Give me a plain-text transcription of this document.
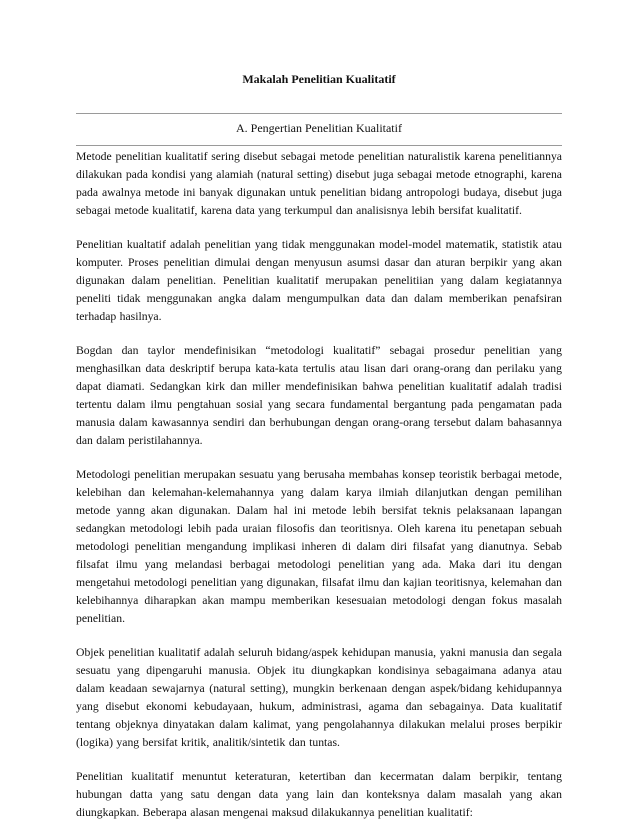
Makalah Penelitian Kualitatif
A. Pengertian Penelitian Kualitatif

Metode penelitian kualitatif sering disebut sebagai metode penelitian naturalistik karena penelitiannya dilakukan pada kondisi yang alamiah (natural setting) disebut juga sebagai metode etnographi, karena pada awalnya metode ini banyak digunakan untuk penelitian bidang antropologi budaya, disebut juga sebagai metode kualitatif, karena data yang terkumpul dan analisisnya lebih bersifat kualitatif.

Penelitian kualtatif adalah penelitian yang tidak menggunakan model-model matematik, statistik atau komputer. Proses penelitian dimulai dengan menyusun asumsi dasar dan aturan berpikir yang akan digunakan dalam penelitian. Penelitian kualitatif merupakan penelitiian yang dalam kegiatannya peneliti tidak menggunakan angka dalam mengumpulkan data dan dalam memberikan penafsiran terhadap hasilnya.

Bogdan dan taylor mendefinisikan “metodologi kualitatif” sebagai prosedur penelitian yang menghasilkan data deskriptif berupa kata-kata tertulis atau lisan dari orang-orang dan perilaku yang dapat diamati. Sedangkan kirk dan miller mendefinisikan bahwa penelitian kualitatif adalah tradisi tertentu dalam ilmu pengtahuan sosial yang secara fundamental bergantung pada pengamatan pada manusia dalam kawasannya sendiri dan berhubungan dengan orang-orang tersebut dalam bahasannya dan dalam peristilahannya.

Metodologi penelitian merupakan sesuatu yang berusaha membahas konsep teoristik berbagai metode, kelebihan dan kelemahan-kelemahannya yang dalam karya ilmiah dilanjutkan dengan pemilihan metode yanng akan digunakan. Dalam hal ini metode lebih bersifat teknis pelaksanaan lapangan sedangkan metodologi lebih pada uraian filosofis dan teoritisnya. Oleh karena itu penetapan sebuah metodologi penelitian mengandung implikasi inheren di dalam diri filsafat yang dianutnya. Sebab filsafat ilmu yang melandasi berbagai metodologi penelitian yang ada. Maka dari itu dengan mengetahui metodologi penelitian yang digunakan, filsafat ilmu dan kajian teoritisnya, kelemahan dan kelebihannya diharapkan akan mampu memberikan kesesuaian metodologi dengan fokus masalah penelitian.

Objek penelitian kualitatif adalah seluruh bidang/aspek kehidupan manusia, yakni manusia dan segala sesuatu yang dipengaruhi manusia. Objek itu diungkapkan kondisinya sebagaimana adanya atau dalam keadaan sewajarnya (natural setting), mungkin berkenaan dengan aspek/bidang kehidupannya yang disebut ekonomi kebudayaan, hukum, administrasi, agama dan sebagainya. Data kualitatif tentang objeknya dinyatakan dalam kalimat, yang pengolahannya dilakukan melalui proses berpikir (logika) yang bersifat kritik, analitik/sintetik dan tuntas.

Penelitian kualitatif menuntut keteraturan, ketertiban dan kecermatan dalam berpikir, tentang hubungan datta yang satu dengan data yang lain dan konteksnya dalam masalah yang akan diungkapkan. Beberapa alasan mengenai maksud dilakukannya penelitian kualitatif:
